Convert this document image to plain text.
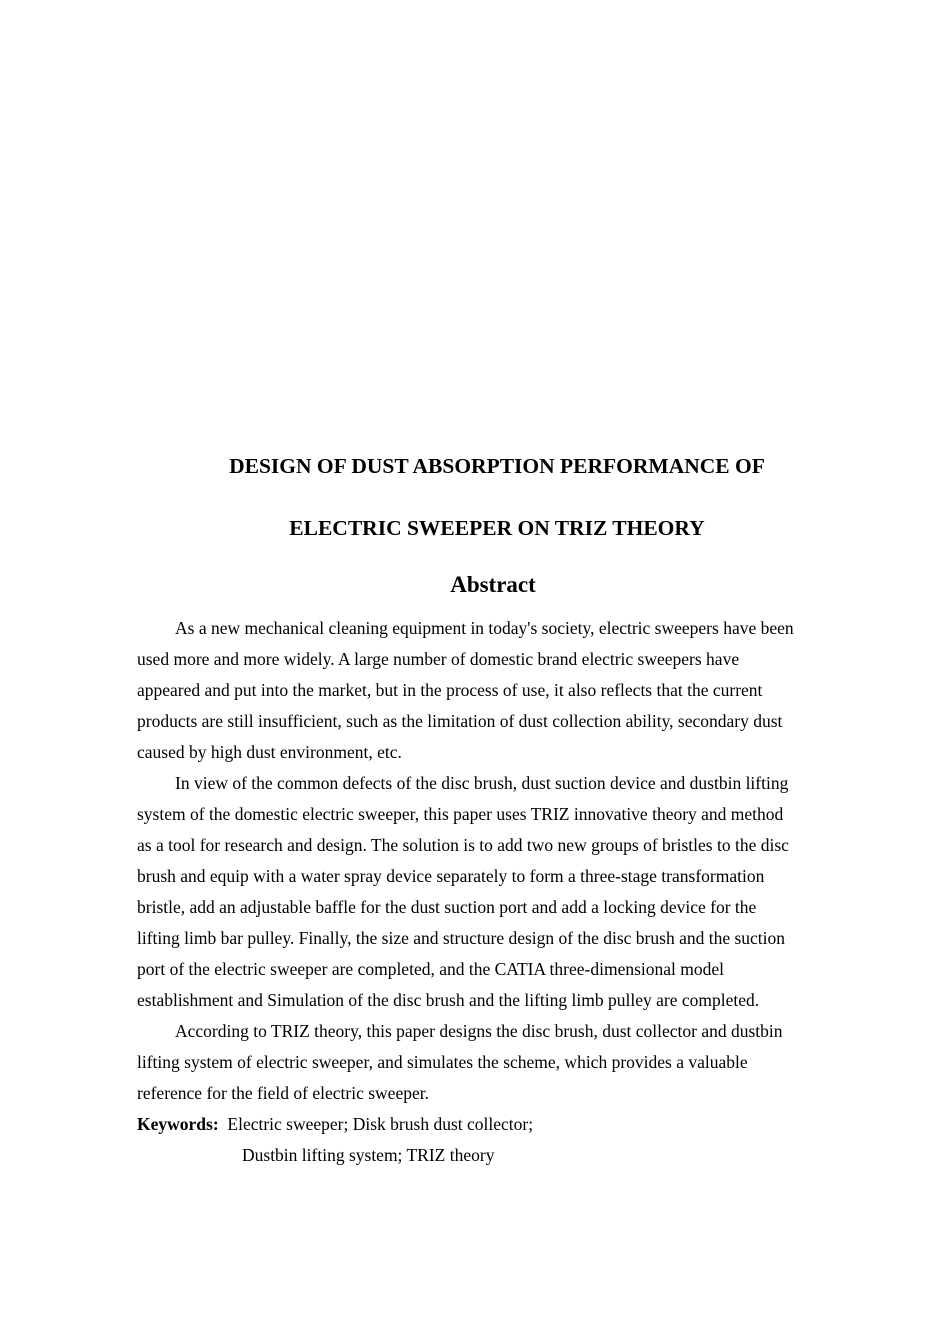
DESIGN OF DUST ABSORPTION PERFORMANCE OF
ELECTRIC SWEEPER ON TRIZ THEORY
Abstract

As a new mechanical cleaning equipment in today's society, electric sweepers have been
used more and more widely. A large number of domestic brand electric sweepers have
appeared and put into the market, but in the process of use, it also reflects that the current
products are still insufficient, such as the limitation of dust collection ability, secondary dust
caused by high dust environment, etc.

In view of the common defects of the disc brush, dust suction device and dustbin lifting
system of the domestic electric sweeper, this paper uses TRIZ innovative theory and method
as a tool for research and design. The solution is to add two new groups of bristles to the disc
brush and equip with a water spray device separately to form a three-stage transformation
bristle, add an adjustable baffle for the dust suction port and add a locking device for the
lifting limb bar pulley. Finally, the size and structure design of the disc brush and the suction
port of the electric sweeper are completed, and the CATIA three-dimensional model
establishment and Simulation of the disc brush and the lifting limb pulley are completed.

According to TRIZ theory, this paper designs the disc brush, dust collector and dustbin
lifting system of electric sweeper, and simulates the scheme, which provides a valuable
reference for the field of electric sweeper.

Keywords: Electric sweeper; Disk brush dust collector;
Dustbin lifting system; TRIZ theory
